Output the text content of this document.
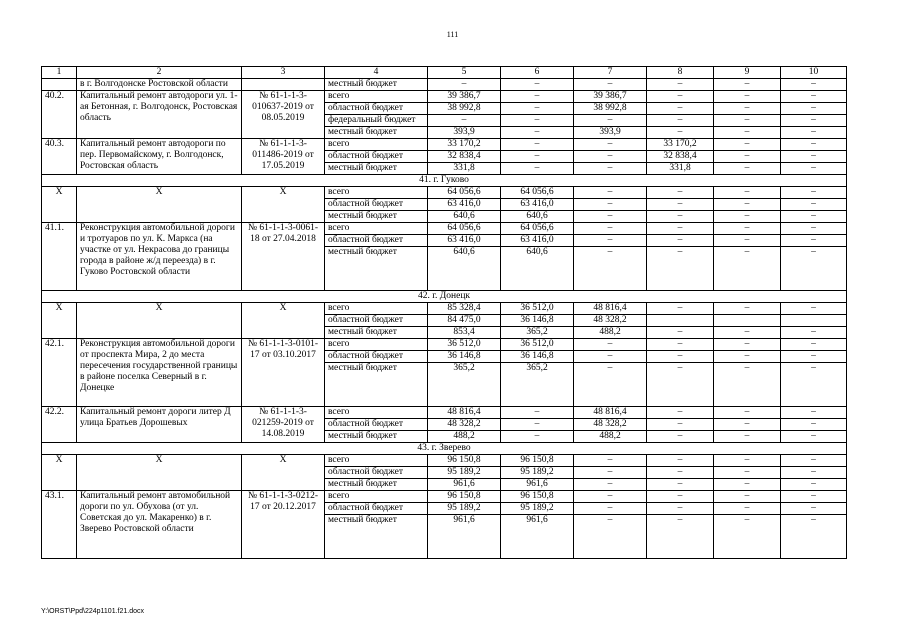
111
1	2	3	4	5	6	7	8	9	10
	в г. Волгодонске Ростовской области		местный бюджет	–	–	–	–	–	–
40.2.	Капитальный ремонт автодороги ул. 1-ая Бетонная, г. Волгодонск, Ростовская область	№ 61-1-1-3-010637-2019 от 08.05.2019	всего	39 386,7	–	39 386,7	–	–	–
			областной бюджет	38 992,8	–	38 992,8	–	–	–
			федеральный бюджет	–	–	–	–	–	–
			местный бюджет	393,9	–	393,9	–	–	–
40.3.	Капитальный ремонт автодороги по пер. Первомайскому, г. Волгодонск, Ростовская область	№ 61-1-1-3-011486-2019 от 17.05.2019	всего	33 170,2	–	–	33 170,2	–	–
			областной бюджет	32 838,4	–	–	32 838,4	–	–
			местный бюджет	331,8	–	–	331,8	–	–
41. г. Гуково									
X	X	X	всего	64 056,6	64 056,6	–	–	–	–
			областной бюджет	63 416,0	63 416,0	–	–	–	–
			местный бюджет	640,6	640,6	–	–	–	–
41.1.	Реконструкция автомобильной дороги и тротуаров по ул. К. Маркса (на участке от ул. Некрасова до границы города в районе ж/д переезда) в г. Гуково Ростовской области	№ 61-1-1-3-0061-18 от 27.04.2018	всего	64 056,6	64 056,6	–	–	–	–
			областной бюджет	63 416,0	63 416,0	–	–	–	–
			местный бюджет	640,6	640,6	–	–	–	–
42. г. Донецк									
X	X	X	всего	85 328,4	36 512,0	48 816,4	–	–	–
			областной бюджет	84 475,0	36 146,8	48 328,2			
			местный бюджет	853,4	365,2	488,2	–	–	–
42.1.	Реконструкция автомобильной дороги от проспекта Мира, 2 до места пересечения государственной границы в районе поселка Северный в г. Донецке	№ 61-1-1-3-0101-17 от 03.10.2017	всего	36 512,0	36 512,0	–	–	–	–
			областной бюджет	36 146,8	36 146,8	–	–	–	–
			местный бюджет	365,2	365,2	–	–	–	–
42.2.	Капитальный ремонт дороги литер Д улица Братьев Дорошевых	№ 61-1-1-3-021259-2019 от 14.08.2019	всего	48 816,4	–	48 816,4	–	–	–
			областной бюджет	48 328,2	–	48 328,2	–	–	–
			местный бюджет	488,2	–	488,2	–	–	–
43. г. Зверево									
X	X	X	всего	96 150,8	96 150,8	–	–	–	–
			областной бюджет	95 189,2	95 189,2	–	–	–	–
			местный бюджет	961,6	961,6	–	–	–	–
43.1.	Капитальный ремонт автомобильной дороги по ул. Обухова (от ул. Советская до ул. Макаренко) в г. Зверево Ростовской области	№ 61-1-1-3-0212-17 от 20.12.2017	всего	96 150,8	96 150,8	–	–	–	–
			областной бюджет	95 189,2	95 189,2	–	–	–	–
			местный бюджет	961,6	961,6	–	–	–	–
Y:\ORST\Ppd\224p1101.f21.docx
